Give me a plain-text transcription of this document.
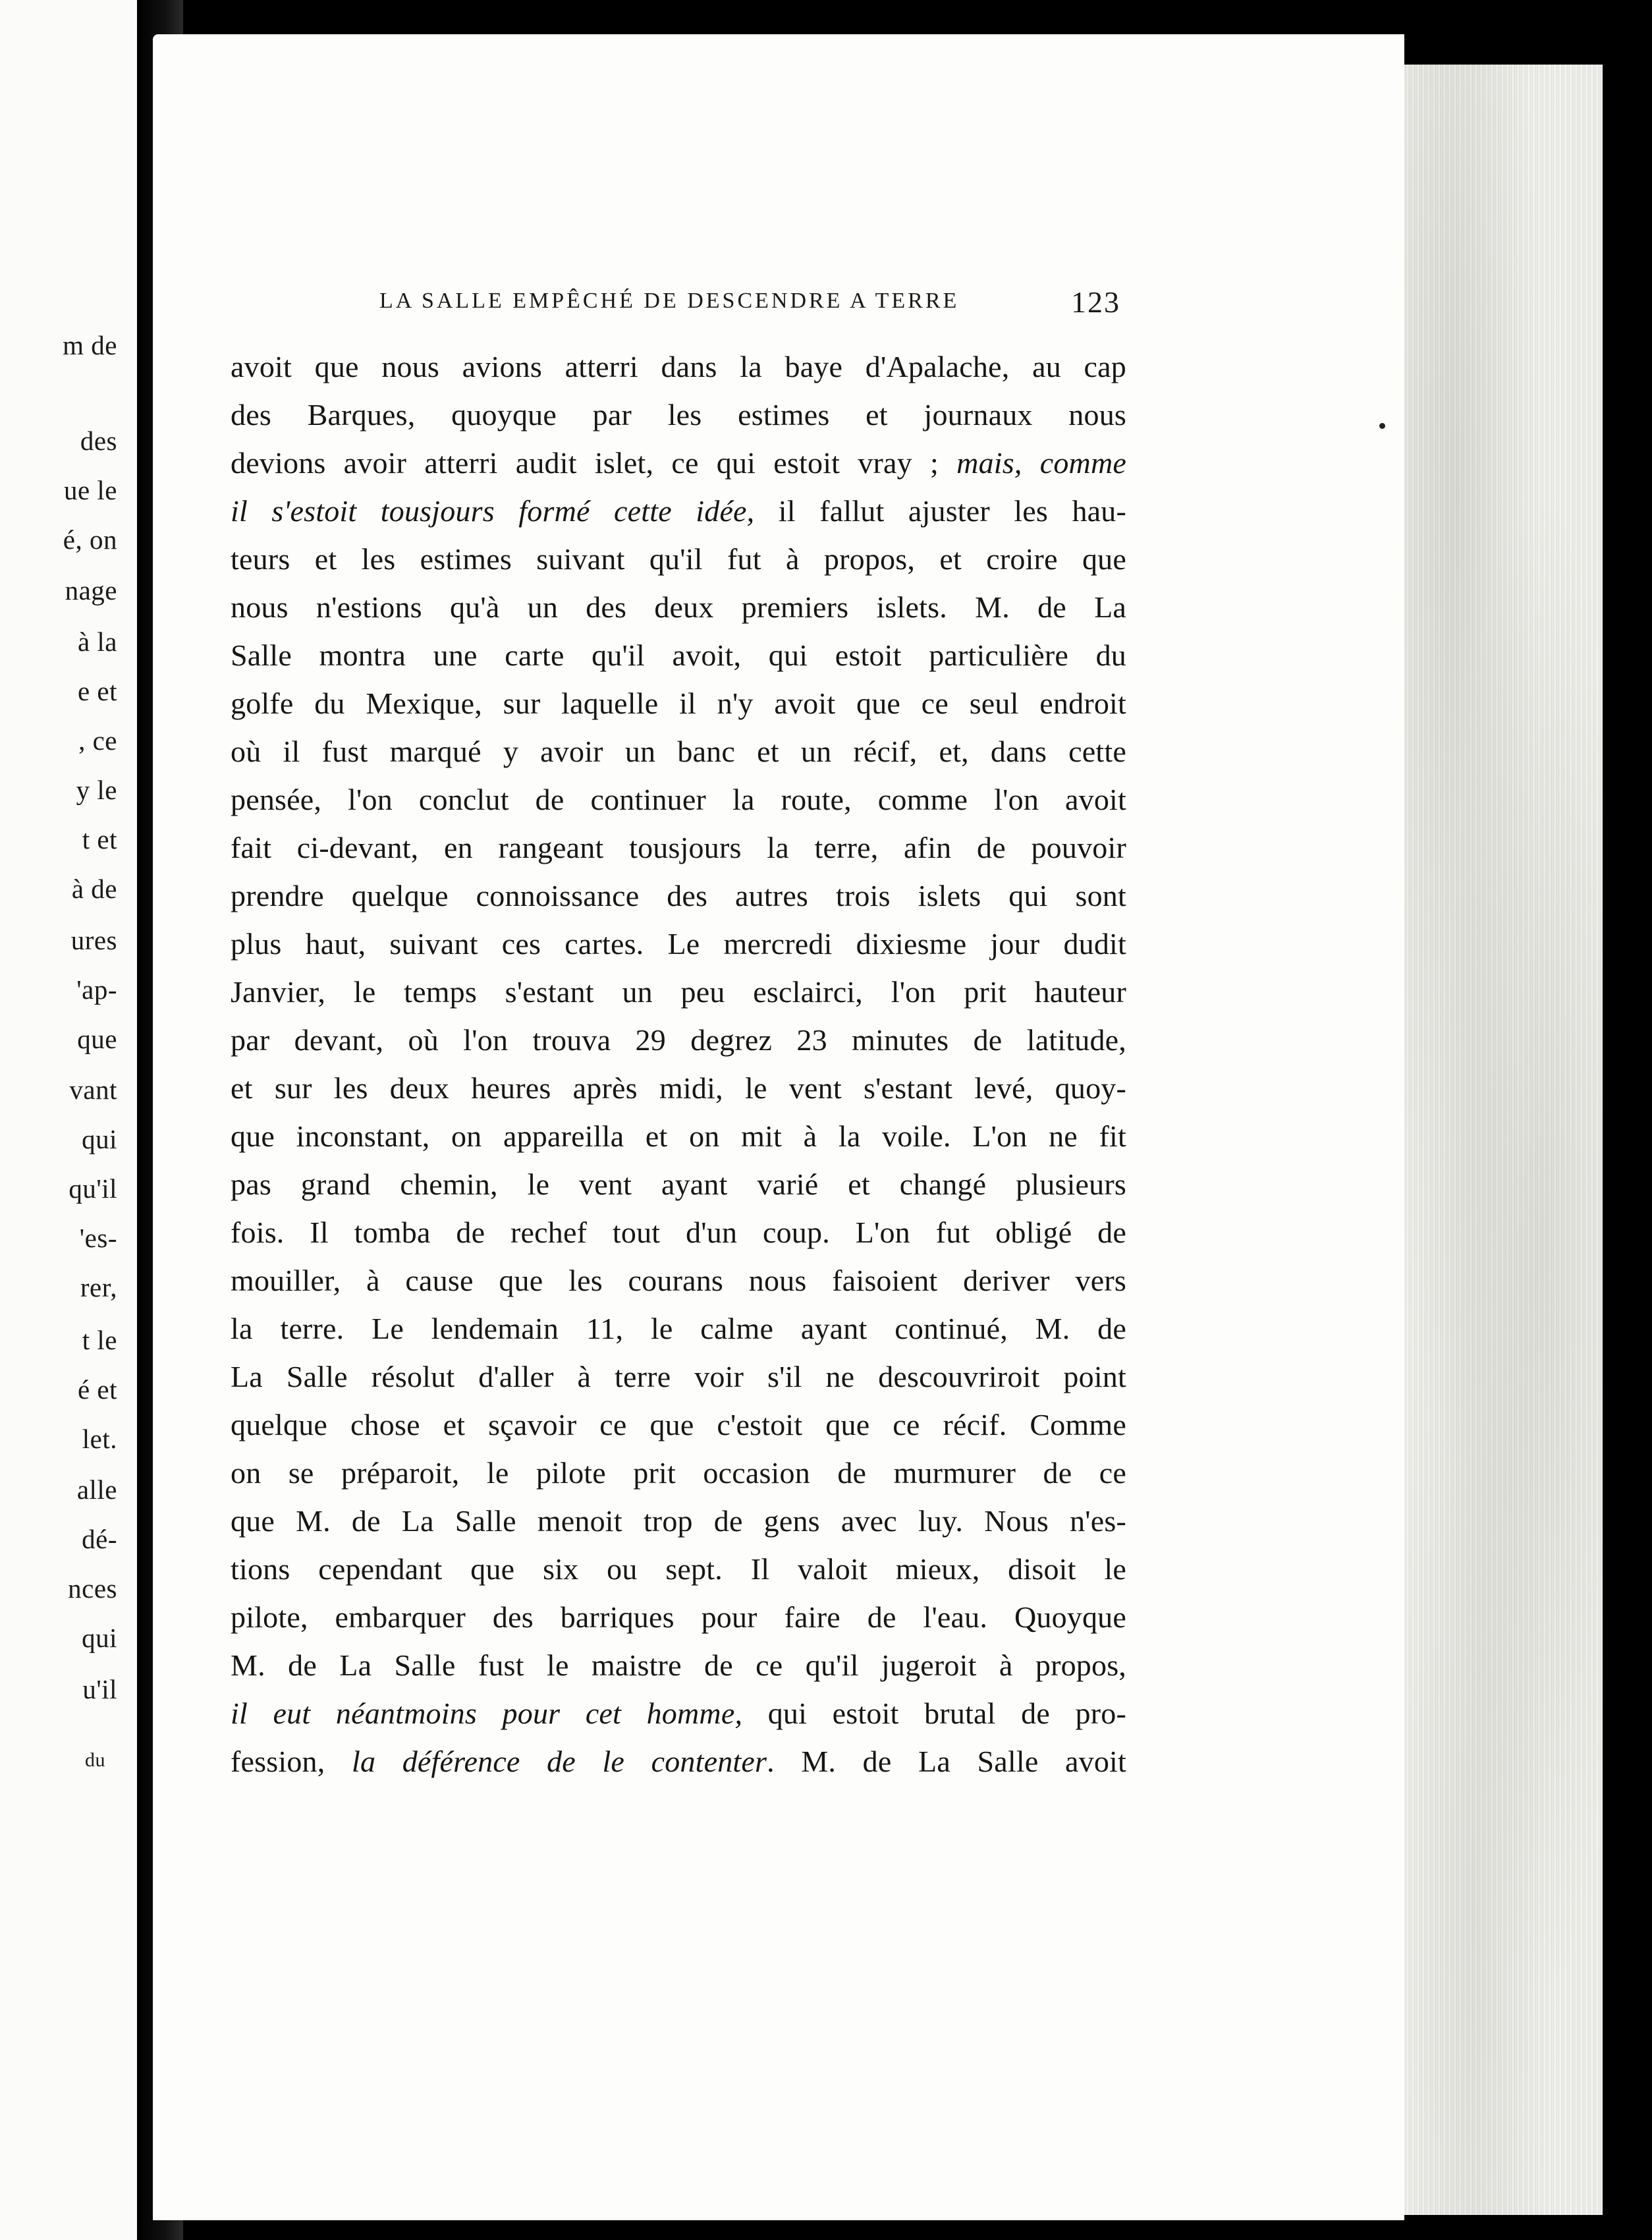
m de
des
ue le
é, on
nage
à la
e et
, ce
y le
t et
à de
ures
'ap-
que
vant
qui
qu'il
'es-
rer,
t le
é et
let.
alle
dé-
nces
qui
u'il
du
LA SALLE EMPÊCHÉ DE DESCENDRE A TERRE	123
avoit que nous avions atterri dans la baye d'Apalache, au cap
des Barques, quoyque par les estimes et journaux nous
devions avoir atterri audit islet, ce qui estoit vray ; mais, comme
il s'estoit tousjours formé cette idée, il fallut ajuster les hau-
teurs et les estimes suivant qu'il fut à propos, et croire que
nous n'estions qu'à un des deux premiers islets. M. de La
Salle montra une carte qu'il avoit, qui estoit particulière du
golfe du Mexique, sur laquelle il n'y avoit que ce seul endroit
où il fust marqué y avoir un banc et un récif, et, dans cette
pensée, l'on conclut de continuer la route, comme l'on avoit
fait ci-devant, en rangeant tousjours la terre, afin de pouvoir
prendre quelque connoissance des autres trois islets qui sont
plus haut, suivant ces cartes. Le mercredi dixiesme jour dudit
Janvier, le temps s'estant un peu esclairci, l'on prit hauteur
par devant, où l'on trouva 29 degrez 23 minutes de latitude,
et sur les deux heures après midi, le vent s'estant levé, quoy-
que inconstant, on appareilla et on mit à la voile. L'on ne fit
pas grand chemin, le vent ayant varié et changé plusieurs
fois. Il tomba de rechef tout d'un coup. L'on fut obligé de
mouiller, à cause que les courans nous faisoient deriver vers
la terre. Le lendemain 11, le calme ayant continué, M. de
La Salle résolut d'aller à terre voir s'il ne descouvriroit point
quelque chose et sçavoir ce que c'estoit que ce récif. Comme
on se préparoit, le pilote prit occasion de murmurer de ce
que M. de La Salle menoit trop de gens avec luy. Nous n'es-
tions cependant que six ou sept. Il valoit mieux, disoit le
pilote, embarquer des barriques pour faire de l'eau. Quoyque
M. de La Salle fust le maistre de ce qu'il jugeroit à propos,
il eut néantmoins pour cet homme, qui estoit brutal de pro-
fession, la déférence de le contenter. M. de La Salle avoit
